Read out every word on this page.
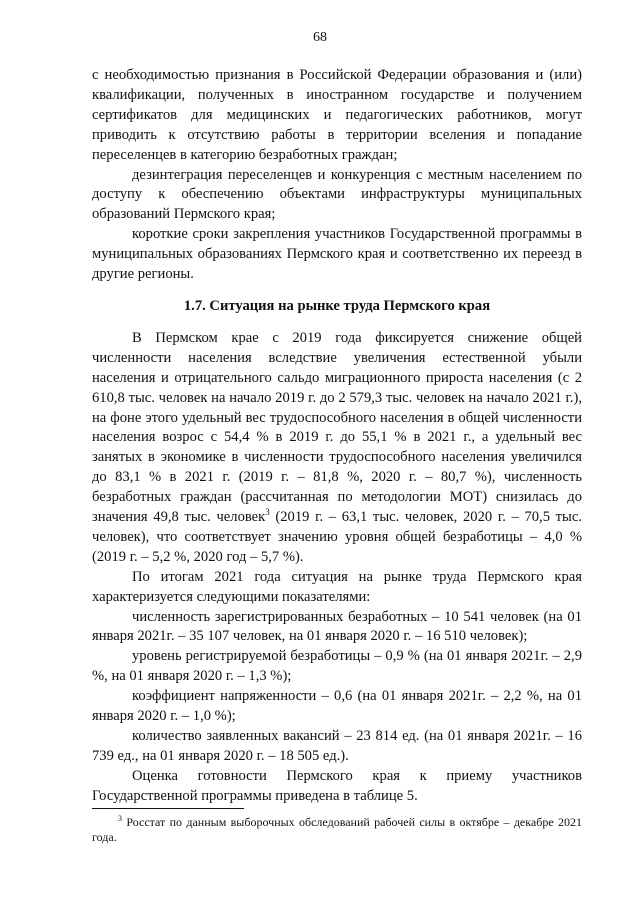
68

с необходимостью признания в Российской Федерации образования и (или) квалификации, полученных в иностранном государстве и получением сертификатов для медицинских и педагогических работников, могут приводить к отсутствию работы в территории вселения и попадание переселенцев в категорию безработных граждан;

дезинтеграция переселенцев и конкуренция с местным населением по доступу к обеспечению объектами инфраструктуры муниципальных образований Пермского края;

короткие сроки закрепления участников Государственной программы в муниципальных образованиях Пермского края и соответственно их переезд в другие регионы.

1.7. Ситуация на рынке труда Пермского края

В Пермском крае с 2019 года фиксируется снижение общей численности населения вследствие увеличения естественной убыли населения и отрицательного сальдо миграционного прироста населения (с 2 610,8 тыс. человек на начало 2019 г. до 2 579,3 тыс. человек на начало 2021 г.), на фоне этого удельный вес трудоспособного населения в общей численности населения возрос с 54,4 % в 2019 г. до 55,1 % в 2021 г., а удельный вес занятых в экономике в численности трудоспособного населения увеличился до 83,1 % в 2021 г. (2019 г. – 81,8 %, 2020 г. – 80,7 %), численность безработных граждан (рассчитанная по методологии МОТ) снизилась до значения 49,8 тыс. человек$^3$ (2019 г. – 63,1 тыс. человек, 2020 г. – 70,5 тыс. человек), что соответствует значению уровня общей безработицы – 4,0 % (2019 г. – 5,2 %, 2020 год – 5,7 %).

По итогам 2021 года ситуация на рынке труда Пермского края характеризуется следующими показателями:

численность зарегистрированных безработных – 10 541 человек (на 01 января 2021г. – 35 107 человек, на 01 января 2020 г. – 16 510 человек);

уровень регистрируемой безработицы – 0,9 % (на 01 января 2021г. – 2,9 %, на 01 января 2020 г. – 1,3 %);

коэффициент напряженности – 0,6 (на 01 января 2021г. – 2,2 %, на 01 января 2020 г. – 1,0 %);

количество заявленных вакансий – 23 814 ед. (на 01 января 2021г. – 16 739 ед., на 01 января 2020 г. – 18 505 ед.).

Оценка готовности Пермского края к приему участников Государственной программы приведена в таблице 5.

$^3$ Росстат по данным выборочных обследований рабочей силы в октябре – декабре 2021 года.
